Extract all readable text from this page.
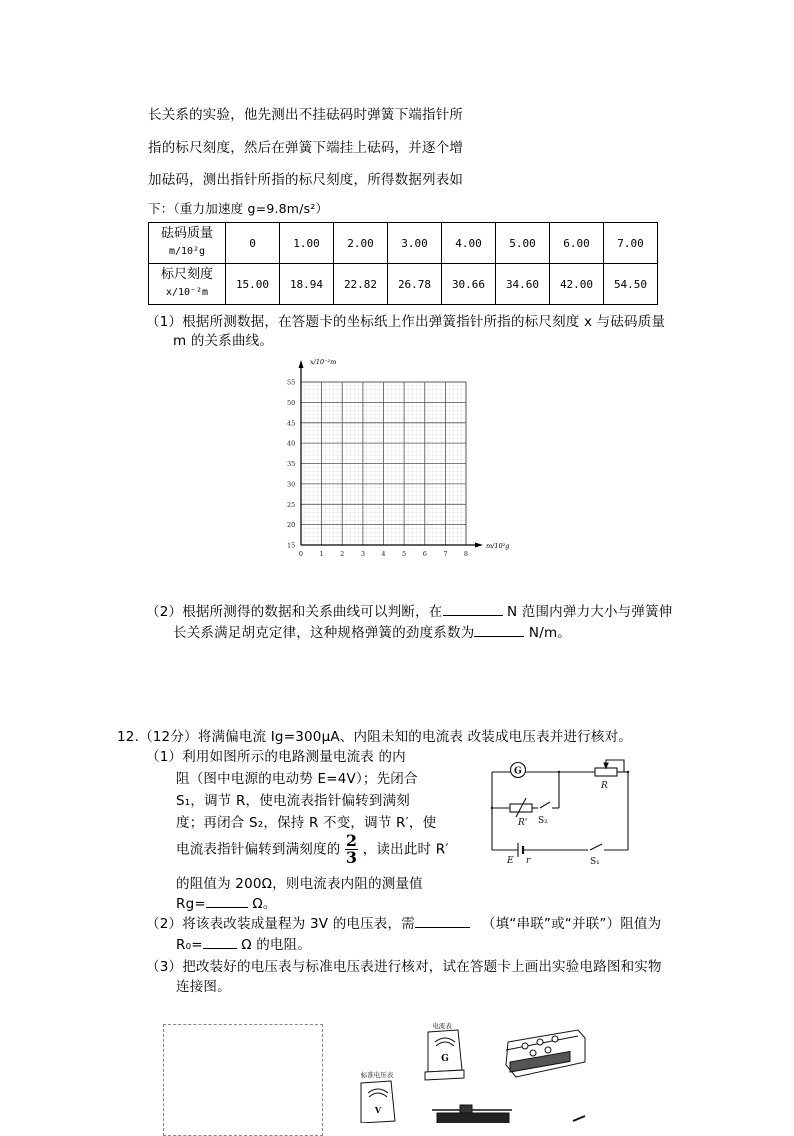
长关系的实验，他先测出不挂砝码时弹簧下端指针所
指的标尺刻度，然后在弹簧下端挂上砝码，并逐个增
加砝码，测出指针所指的标尺刻度，所得数据列表如
下：（重力加速度 g=9.8m/s²）
砝码质量
m/10²g	0	1.00	2.00	3.00	4.00	5.00	6.00	7.00

标尺刻度
x/10⁻²m	15.00	18.94	22.82	26.78	30.66	34.60	42.00	54.50
（1）根据所测数据，在答题卡的坐标纸上作出弹簧指针所指的标尺刻度 x 与砝码质量
m 的关系曲线。
55
50
45
40
35
30
25
20
15
0	1	2	3	4	5	6	7	8
x/10⁻²m
m/10²g
（2）根据所测得的数据和关系曲线可以判断，在	N 范围内弹力大小与弹簧伸
长关系满足胡克定律，这种规格弹簧的劲度系数为	N/m。
12.（12分）将满偏电流 Ig=300μA、内阻未知的电流表 改装成电压表并进行核对。
（1）利用如图所示的电路测量电流表 的内
阻（图中电源的电动势 E=4V）；先闭合
S₁，调节 R，使电流表指针偏转到满刻
度；再闭合 S₂，保持 R 不变，调节 R′，使
电流表指针偏转到满刻度的 $\frac{2}{3}$ ，读出此时 R′
的阻值为 200Ω，则电流表内阻的测量值
Rg=	Ω。
G
R
R' S₂
E r	S₁
（2）将该表改装成量程为 3V 的电压表，需	（填“串联”或“并联”）阻值为
R₀=	Ω 的电阻。
（3）把改装好的电压表与标准电压表进行核对，试在答题卡上画出实验电路图和实物
连接图。
G
V
电流表
标准电压表
